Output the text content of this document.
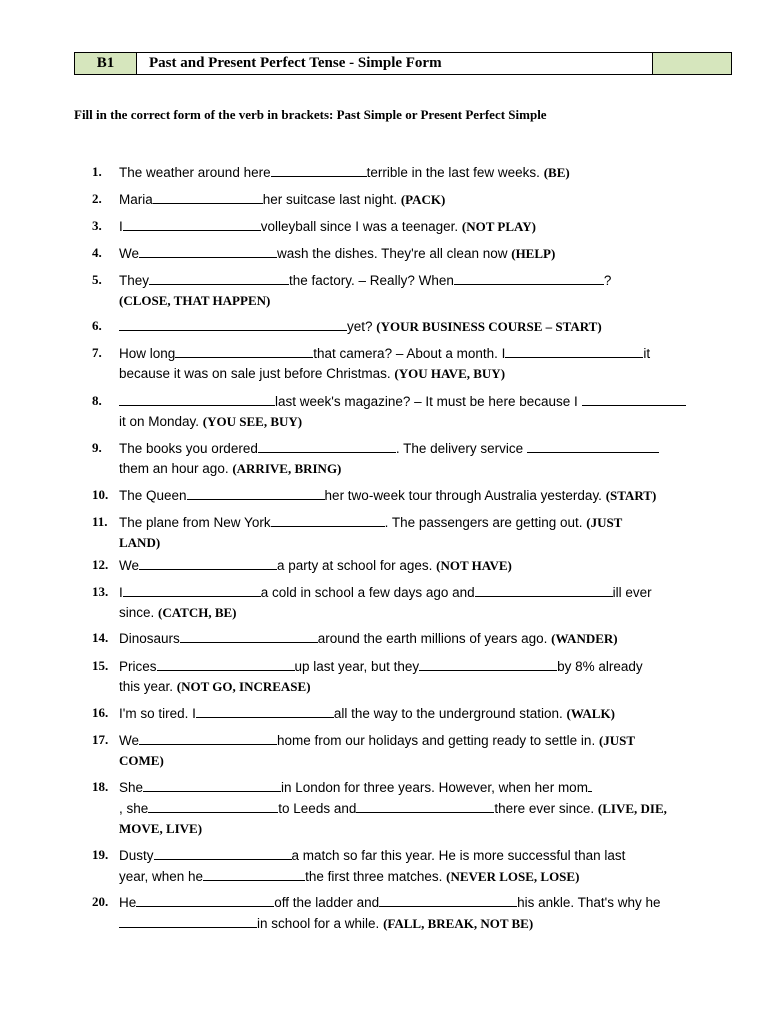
B1	Past and Present Perfect Tense - Simple Form
Fill in the correct form of the verb in brackets: Past Simple or Present Perfect Simple
1.	The weather around here	terrible in the last few weeks. (BE)
2.	Maria	her suitcase last night. (PACK)
3.	I	volleyball since I was a teenager. (NOT PLAY)
4.	We	wash the dishes. They're all clean now (HELP)
5.	They	the factory. – Really? When	?
(CLOSE, THAT HAPPEN)
6.	yet? (YOUR BUSINESS COURSE – START)
7.	How long	that camera? – About a month. I	it
because it was on sale just before Christmas. (YOU HAVE, BUY)
8.	last week's magazine? – It must be here because I
it on Monday. (YOU SEE, BUY)
9.	The books you ordered	. The delivery service
them an hour ago. (ARRIVE, BRING)
10. The Queen	her two-week tour through Australia yesterday. (START)
11. The plane from New York	. The passengers are getting out. (JUST
LAND)
12. We	a party at school for ages. (NOT HAVE)
13. I	a cold in school a few days ago and	ill ever
since. (CATCH, BE)
14. Dinosaurs	around the earth millions of years ago. (WANDER)
15. Prices	up last year, but they	by 8% already
this year. (NOT GO, INCREASE)
16. I'm so tired. I	all the way to the underground station. (WALK)
17. We	home from our holidays and getting ready to settle in. (JUST
COME)
18. She	in London for three years. However, when her mom
, she	to Leeds and	there ever since. (LIVE, DIE,
MOVE, LIVE)
19. Dusty	a match so far this year. He is more successful than last
year, when he	the first three matches. (NEVER LOSE, LOSE)
20. He	off the ladder and	his ankle. That's why he
in school for a while. (FALL, BREAK, NOT BE)
